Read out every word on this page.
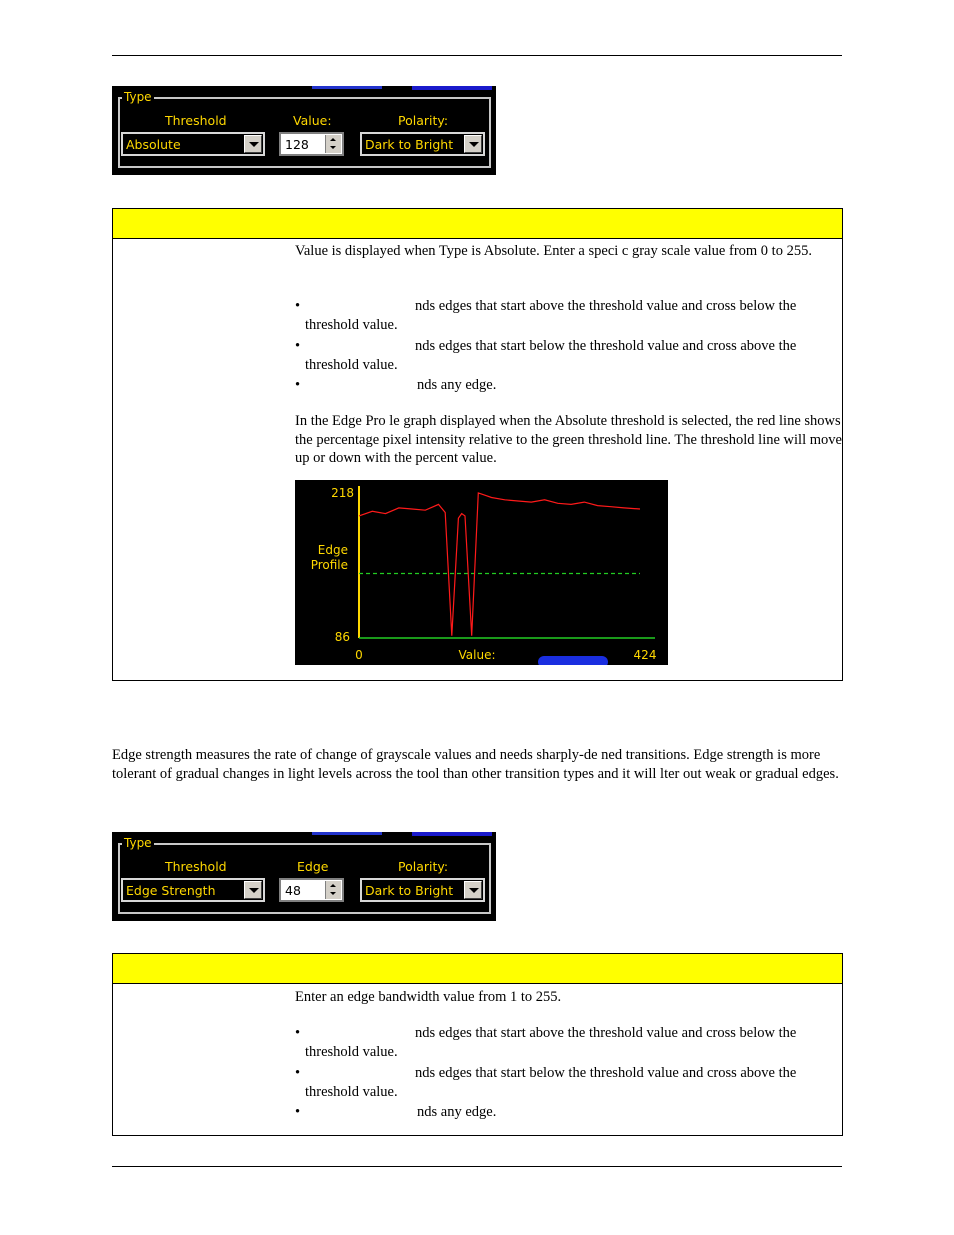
Type
Threshold	Value:	Polarity:
Absolute	128	Dark to Bright
Value is displayed when Type is Absolute. Enter a speci c gray scale value from 0 to 255.
•	nds edges that start above the threshold value and cross below the
threshold value.
•	nds edges that start below the threshold value and cross above the
threshold value.
•	nds any edge.
In the Edge Pro le graph displayed when the Absolute threshold is selected, the red line shows the percentage pixel intensity relative to the green threshold line. The threshold line will move up or down with the percent value.
218
Edge
Profile
86
0	Value:	424
Edge strength measures the rate of change of grayscale values and needs sharply-de ned transitions. Edge strength is more tolerant of gradual changes in light levels across the tool than other transition types and it will lter out weak or gradual edges.
Type
Threshold	Edge	Polarity:
Edge Strength	48	Dark to Bright
Enter an edge bandwidth value from 1 to 255.
•	nds edges that start above the threshold value and cross below the
threshold value.
•	nds edges that start below the threshold value and cross above the
threshold value.
•	nds any edge.
